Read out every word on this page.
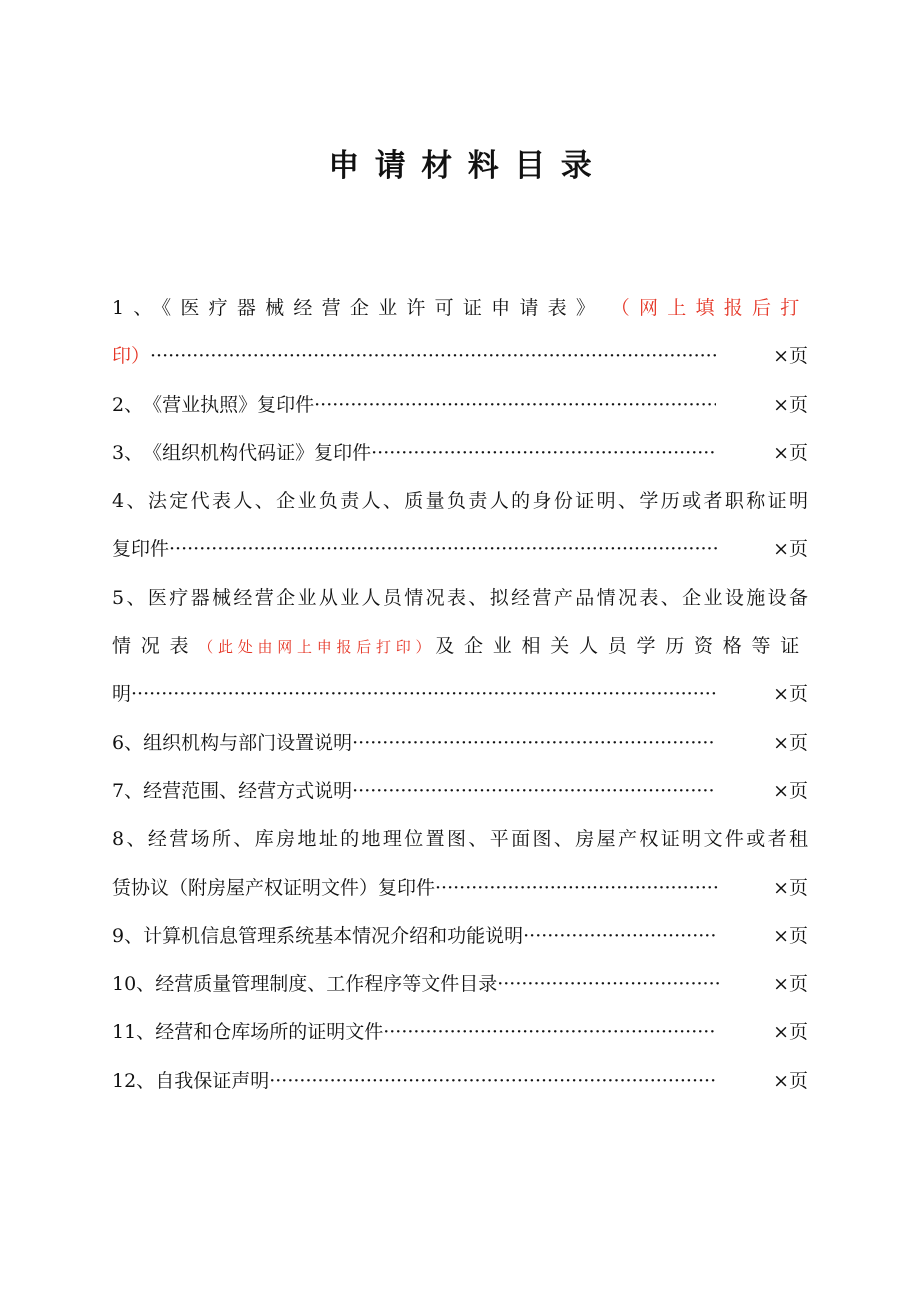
申请材料目录
1、《医疗器械经营企业许可证申请表》 （网上填报后打
印） ·····	×页
2、 《营业执照》复印件 ·····	×页
3、 《组织机构代码证》复印件 ·····	×页
4、法定代表人、企业负责人、质量负责人的身份证明、学历或者职称证明
复印件 ·····	×页
5、医疗器械经营企业从业人员情况表、拟经营产品情况表、企业设施设备
情况表（此处由网上申报后打印）及企业相关人员学历资格等证
明 ·····	×页
6、 组织机构与部门设置说明 ·····	×页
7、 经营范围、经营方式说明 ·····	×页
8、经营场所、库房地址的地理位置图、平面图、房屋产权证明文件或者租
赁协议（附房屋产权证明文件）复印件 ·····	×页
9、 计算机信息管理系统基本情况介绍和功能说明 ·····	×页
10、 经营质量管理制度、工作程序等文件目录 ·····	×页
11、 经营和仓库场所的证明文件 ·····	×页
12、 自我保证声明 ·····	×页
